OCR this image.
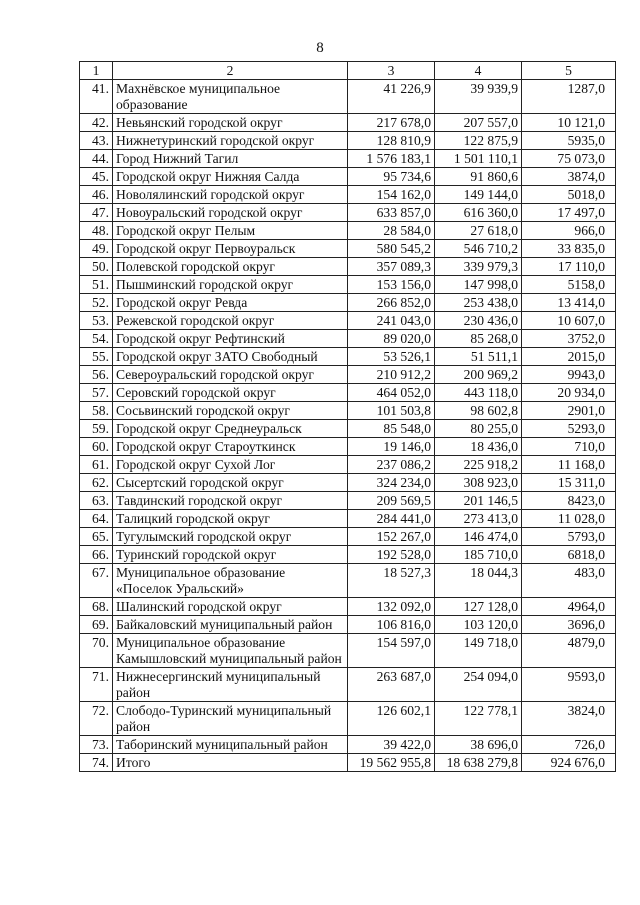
8
1	2	3	4	5
41.	Махнёвское муниципальное образование	41 226,9	39 939,9	1287,0
42.	Невьянский городской округ	217 678,0	207 557,0	10 121,0
43.	Нижнетуринский городской округ	128 810,9	122 875,9	5935,0
44.	Город Нижний Тагил	1 576 183,1	1 501 110,1	75 073,0
45.	Городской округ Нижняя Салда	95 734,6	91 860,6	3874,0
46.	Новолялинский городской округ	154 162,0	149 144,0	5018,0
47.	Новоуральский городской округ	633 857,0	616 360,0	17 497,0
48.	Городской округ Пелым	28 584,0	27 618,0	966,0
49.	Городской округ Первоуральск	580 545,2	546 710,2	33 835,0
50.	Полевской городской округ	357 089,3	339 979,3	17 110,0
51.	Пышминский городской округ	153 156,0	147 998,0	5158,0
52.	Городской округ Ревда	266 852,0	253 438,0	13 414,0
53.	Режевской городской округ	241 043,0	230 436,0	10 607,0
54.	Городской округ Рефтинский	89 020,0	85 268,0	3752,0
55.	Городской округ ЗАТО Свободный	53 526,1	51 511,1	2015,0
56.	Североуральский городской округ	210 912,2	200 969,2	9943,0
57.	Серовский городской округ	464 052,0	443 118,0	20 934,0
58.	Сосьвинский городской округ	101 503,8	98 602,8	2901,0
59.	Городской округ Среднеуральск	85 548,0	80 255,0	5293,0
60.	Городской округ Староуткинск	19 146,0	18 436,0	710,0
61.	Городской округ Сухой Лог	237 086,2	225 918,2	11 168,0
62.	Сысертский городской округ	324 234,0	308 923,0	15 311,0
63.	Тавдинский городской округ	209 569,5	201 146,5	8423,0
64.	Талицкий городской округ	284 441,0	273 413,0	11 028,0
65.	Тугулымский городской округ	152 267,0	146 474,0	5793,0
66.	Туринский городской округ	192 528,0	185 710,0	6818,0
67.	Муниципальное образование «Поселок Уральский»	18 527,3	18 044,3	483,0
68.	Шалинский городской округ	132 092,0	127 128,0	4964,0
69.	Байкаловский муниципальный район	106 816,0	103 120,0	3696,0
70.	Муниципальное образование Камышловский муниципальный район	154 597,0	149 718,0	4879,0
71.	Нижнесергинский муниципальный район	263 687,0	254 094,0	9593,0
72.	Слободо-Туринский муниципальный район	126 602,1	122 778,1	3824,0
73.	Таборинский муниципальный район	39 422,0	38 696,0	726,0
74.	Итого	19 562 955,8	18 638 279,8	924 676,0
